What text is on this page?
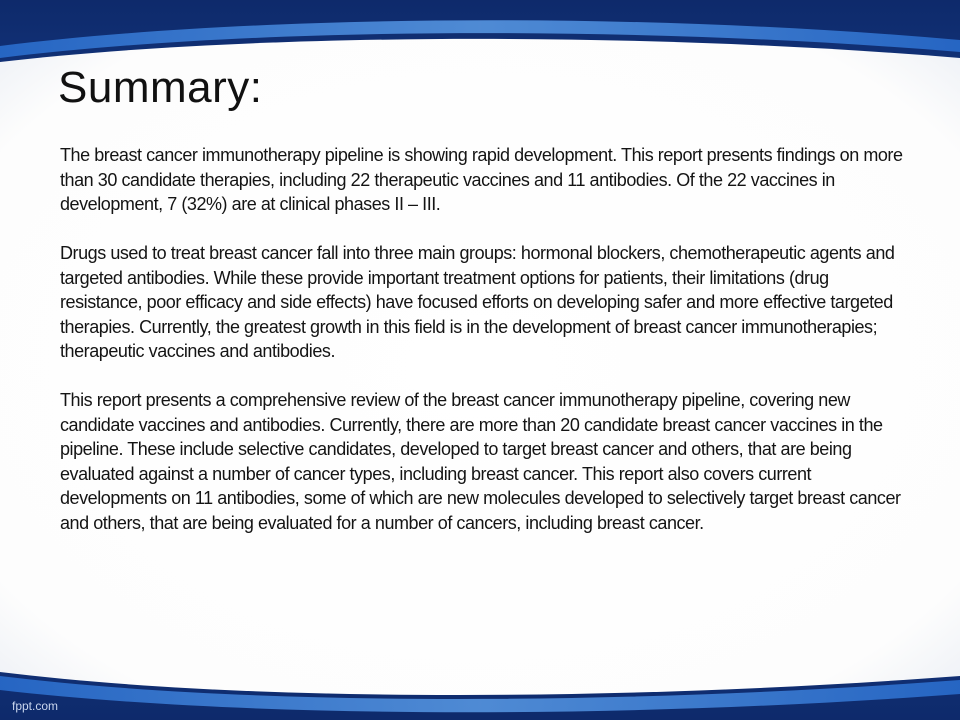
Summary:

The breast cancer immunotherapy pipeline is showing rapid development. This report presents findings on more than 30 candidate therapies, including 22 therapeutic vaccines and 11 antibodies. Of the 22 vaccines in development, 7 (32%) are at clinical phases II – III.

Drugs used to treat breast cancer fall into three main groups: hormonal blockers, chemotherapeutic agents and targeted antibodies. While these provide important treatment options for patients, their limitations (drug resistance, poor efficacy and side effects) have focused efforts on developing safer and more effective targeted therapies. Currently, the greatest growth in this field is in the development of breast cancer immunotherapies; therapeutic vaccines and antibodies.

This report presents a comprehensive review of the breast cancer immunotherapy pipeline, covering new candidate vaccines and antibodies. Currently, there are more than 20 candidate breast cancer vaccines in the pipeline. These include selective candidates, developed to target breast cancer and others, that are being evaluated against a number of cancer types, including breast cancer. This report also covers current developments on 11 antibodies, some of which are new molecules developed to selectively target breast cancer and others, that are being evaluated for a number of cancers, including breast cancer.

fppt.com
